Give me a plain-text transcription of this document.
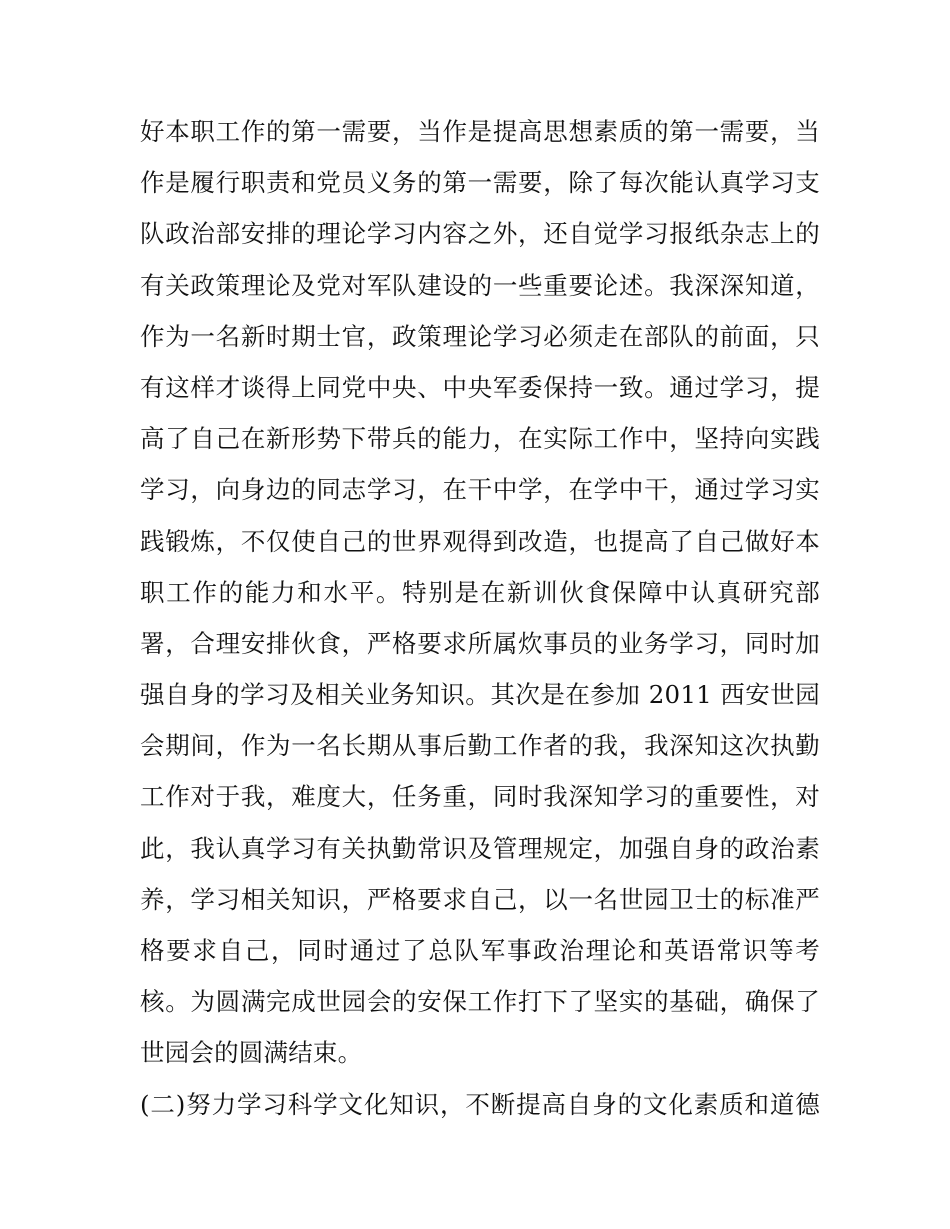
好本职工作的第一需要，当作是提高思想素质的第一需要，当
作是履行职责和党员义务的第一需要，除了每次能认真学习支
队政治部安排的理论学习内容之外，还自觉学习报纸杂志上的
有关政策理论及党对军队建设的一些重要论述。我深深知道，
作为一名新时期士官，政策理论学习必须走在部队的前面，只
有这样才谈得上同党中央、中央军委保持一致。通过学习，提
高了自己在新形势下带兵的能力，在实际工作中，坚持向实践
学习，向身边的同志学习，在干中学，在学中干，通过学习实
践锻炼，不仅使自己的世界观得到改造，也提高了自己做好本
职工作的能力和水平。特别是在新训伙食保障中认真研究部
署，合理安排伙食，严格要求所属炊事员的业务学习，同时加
强自身的学习及相关业务知识。其次是在参加 2011 西安世园
会期间，作为一名长期从事后勤工作者的我，我深知这次执勤
工作对于我，难度大，任务重，同时我深知学习的重要性，对
此，我认真学习有关执勤常识及管理规定，加强自身的政治素
养，学习相关知识，严格要求自己，以一名世园卫士的标准严
格要求自己，同时通过了总队军事政治理论和英语常识等考
核。为圆满完成世园会的安保工作打下了坚实的基础，确保了
世园会的圆满结束。
(二)努力学习科学文化知识，不断提高自身的文化素质和道德
